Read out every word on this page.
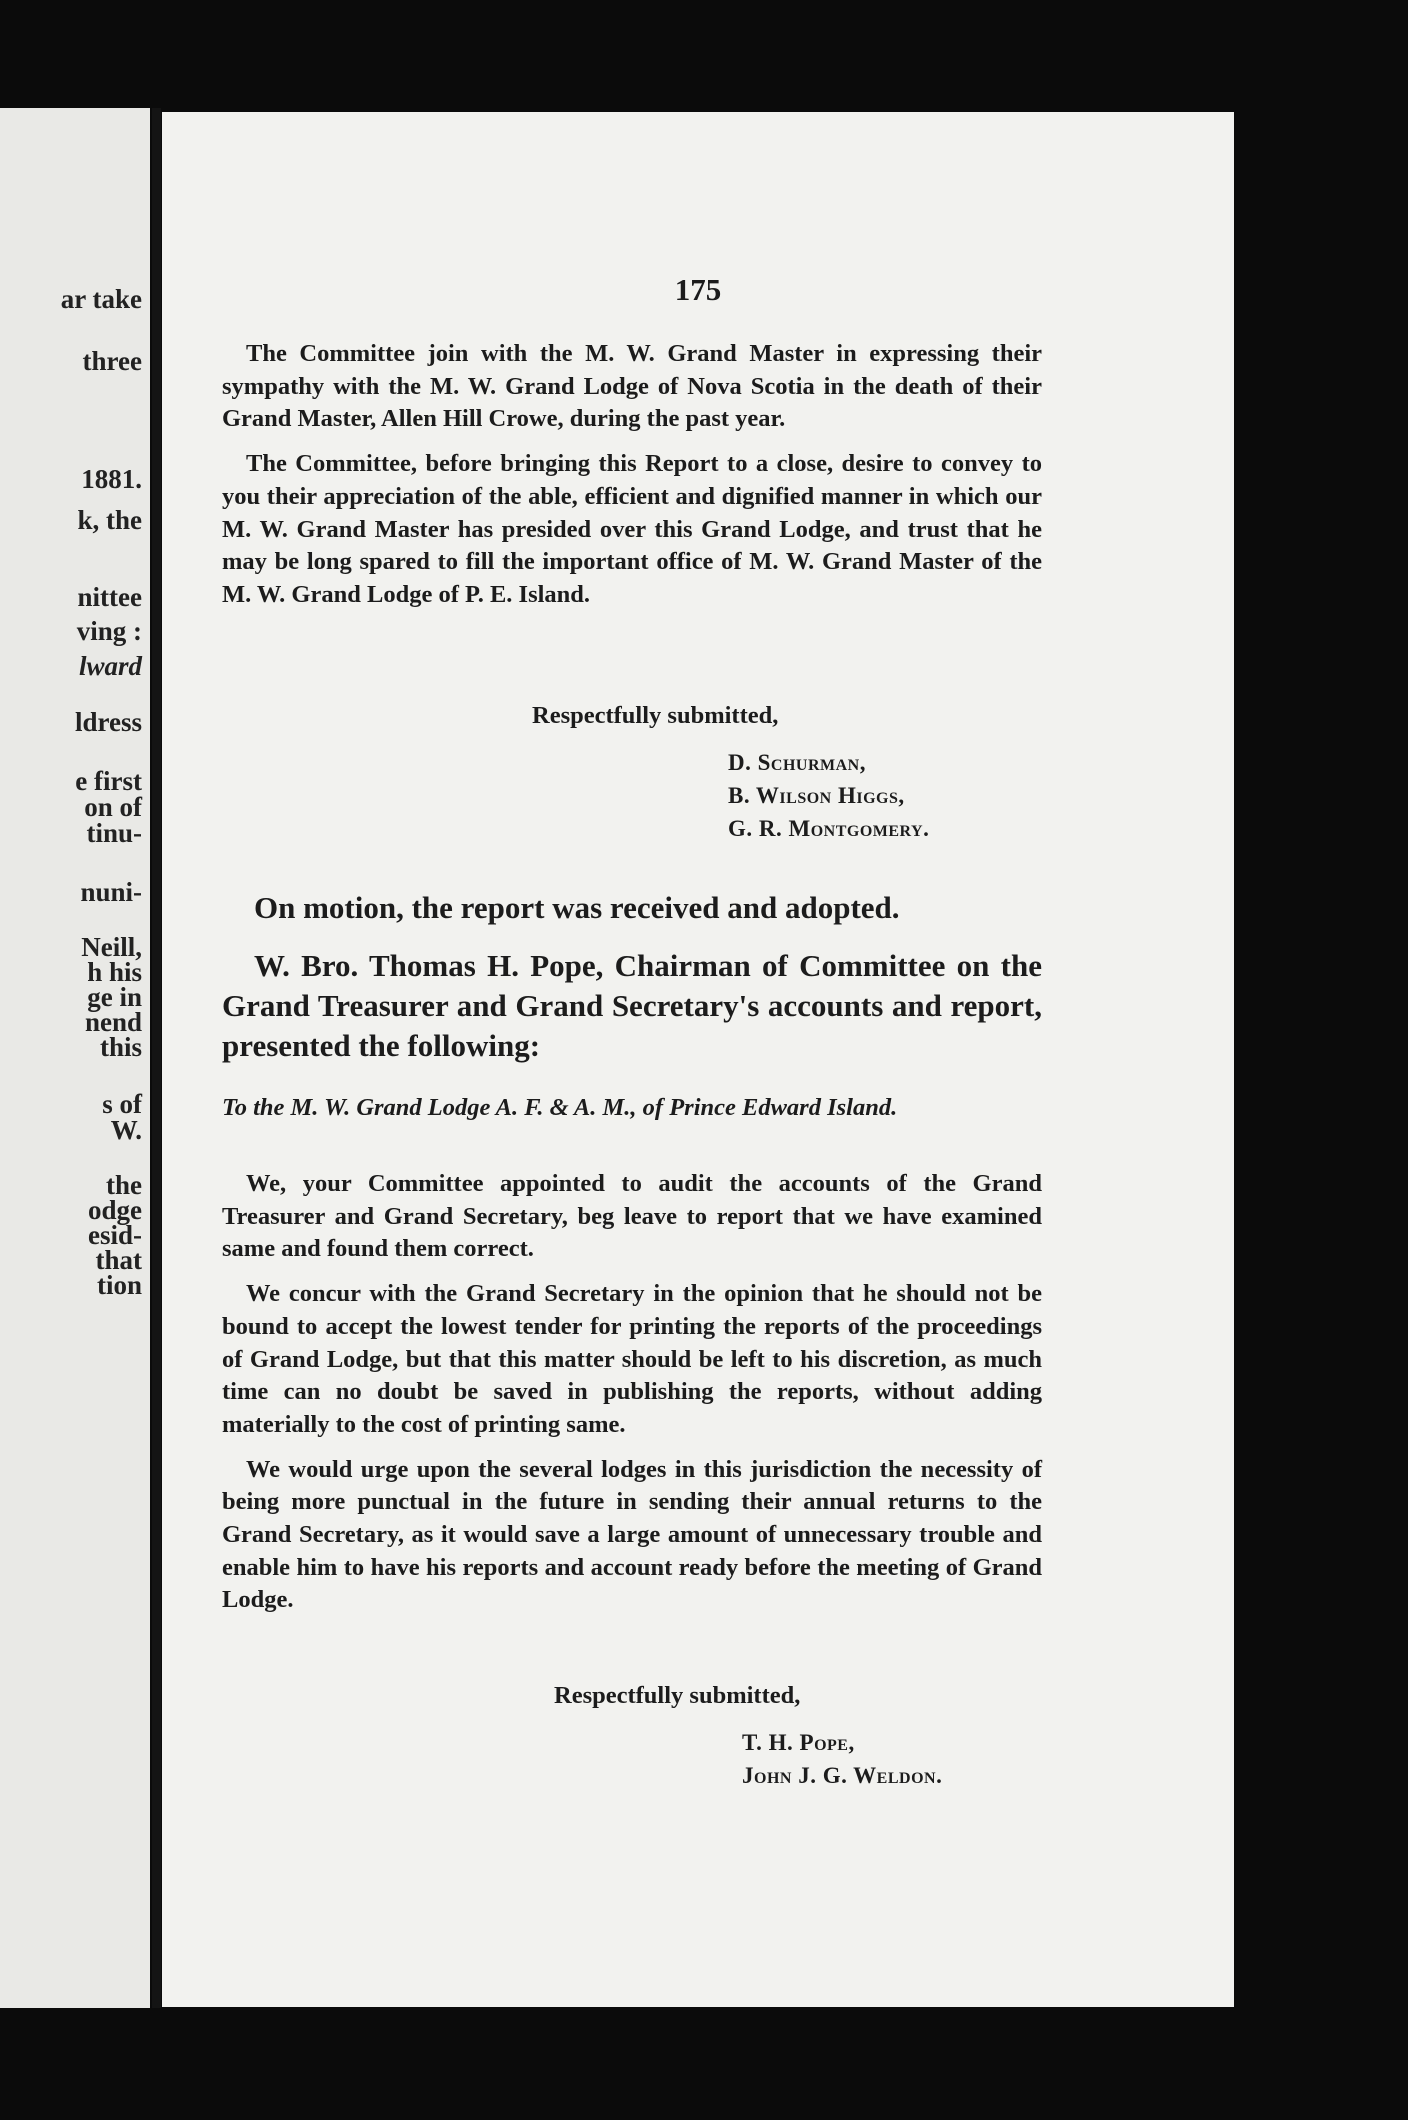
ar take
three
1881.
k, the
nittee
ving :
lward
ldress
e first
on of
tinu-
nuni-
Neill,
h his
ge in
nend
this
s of
W.
the
odge
esid-
that
tion
175

The Committee join with the M. W. Grand Master in expressing their sympathy with the M. W. Grand Lodge of Nova Scotia in the death of their Grand Master, Allen Hill Crowe, during the past year.

The Committee, before bringing this Report to a close, desire to convey to you their appreciation of the able, efficient and dignified manner in which our M. W. Grand Master has presided over this Grand Lodge, and trust that he may be long spared to fill the important office of M. W. Grand Master of the M. W. Grand Lodge of P. E. Island.

Respectfully submitted,
D. Schurman,
B. Wilson Higgs,
G. R. Montgomery.

On motion, the report was received and adopted.

W. Bro. Thomas H. Pope, Chairman of Committee on the Grand Treasurer and Grand Secretary's accounts and report, presented the following:

To the M. W. Grand Lodge A. F. & A. M., of Prince Edward Island.

We, your Committee appointed to audit the accounts of the Grand Treasurer and Grand Secretary, beg leave to report that we have examined same and found them correct.

We concur with the Grand Secretary in the opinion that he should not be bound to accept the lowest tender for printing the reports of the proceedings of Grand Lodge, but that this matter should be left to his discretion, as much time can no doubt be saved in publishing the reports, without adding materially to the cost of printing same.

We would urge upon the several lodges in this jurisdiction the necessity of being more punctual in the future in sending their annual returns to the Grand Secretary, as it would save a large amount of unnecessary trouble and enable him to have his reports and account ready before the meeting of Grand Lodge.

Respectfully submitted,
T. H. Pope,
John J. G. Weldon.
